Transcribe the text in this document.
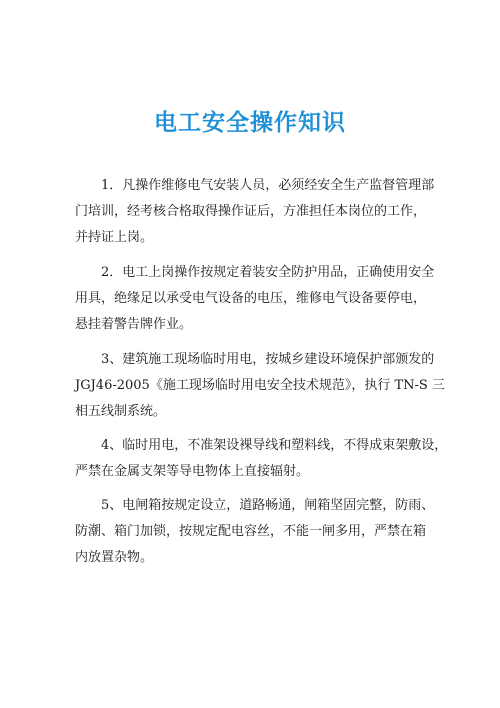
电工安全操作知识
1．凡操作维修电气安装人员，必须经安全生产监督管理部
门培训，经考核合格取得操作证后，方准担任本岗位的工作，
并持证上岗。
2．电工上岗操作按规定着装安全防护用品，正确使用安全
用具，绝缘足以承受电气设备的电压，维修电气设备要停电，
悬挂着警告牌作业。
3、建筑施工现场临时用电，按城乡建设环境保护部颁发的
JGJ46-2005《施工现场临时用电安全技术规范》，执行 TN-S 三
相五线制系统。
4、临时用电，不准架设裸导线和塑料线，不得成束架敷设，
严禁在金属支架等导电物体上直接辐射。
5、电闸箱按规定设立，道路畅通，闸箱坚固完整，防雨、
防潮、箱门加锁，按规定配电容丝，不能一闸多用，严禁在箱
内放置杂物。
